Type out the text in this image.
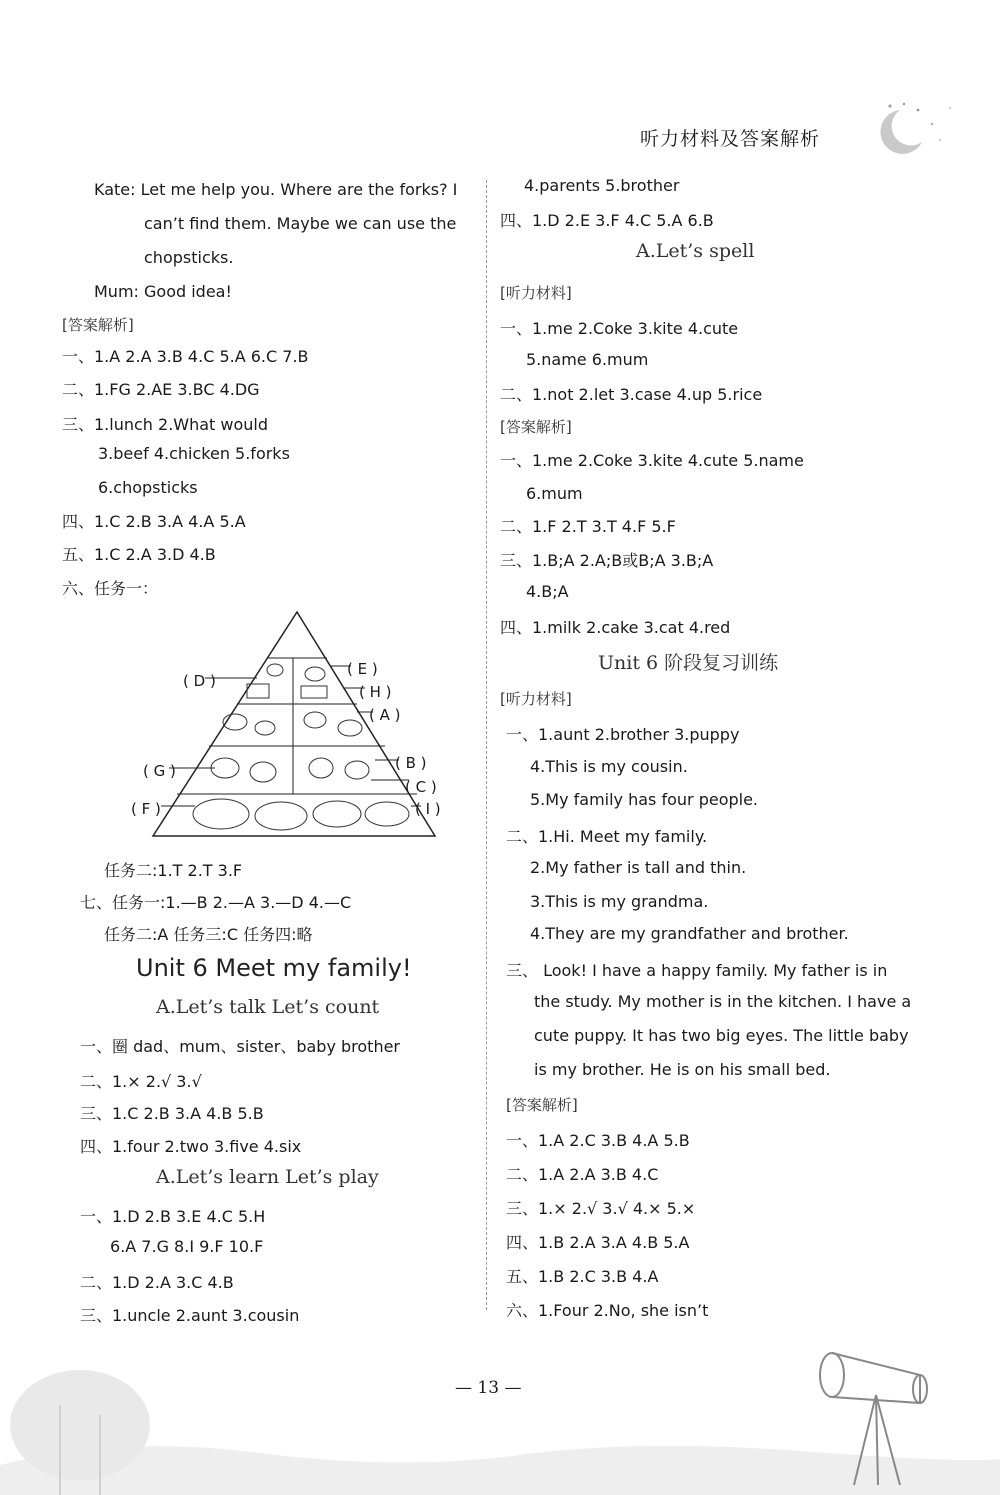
听力材料及答案解析
Kate: Let me help you. Where are the forks? I
can’t find them. Maybe we can use the
chopsticks.
Mum: Good idea!
[答案解析]
一、1.A 2.A 3.B 4.C 5.A 6.C 7.B
二、1.FG 2.AE 3.BC 4.DG
三、1.lunch 2.What would
3.beef 4.chicken 5.forks
6.chopsticks
四、1.C 2.B 3.A 4.A 5.A
五、1.C 2.A 3.D 4.B
六、任务一：
任务二:1.T 2.T 3.F
七、任务一:1.—B 2.—A 3.—D 4.—C
任务二:A 任务三:C 任务四:略
Unit 6 Meet my family!
A.Let’s talk Let’s count
一、圈 dad、mum、sister、baby brother
二、1.× 2.√ 3.√
三、1.C 2.B 3.A 4.B 5.B
四、1.four 2.two 3.five 4.six
A.Let’s learn Let’s play
一、1.D 2.B 3.E 4.C 5.H
6.A 7.G 8.I 9.F 10.F
二、1.D 2.A 3.C 4.B
三、1.uncle 2.aunt 3.cousin
4.parents 5.brother
四、1.D 2.E 3.F 4.C 5.A 6.B
A.Let’s spell
[听力材料]
一、1.me 2.Coke 3.kite 4.cute
5.name 6.mum
二、1.not 2.let 3.case 4.up 5.rice
[答案解析]
一、1.me 2.Coke 3.kite 4.cute 5.name
6.mum
二、1.F 2.T 3.T 4.F 5.F
三、1.B;A 2.A;B或B;A 3.B;A
4.B;A
四、1.milk 2.cake 3.cat 4.red
Unit 6 阶段复习训练
[听力材料]
一、1.aunt 2.brother 3.puppy
4.This is my cousin.
5.My family has four people.
二、1.Hi. Meet my family.
2.My father is tall and thin.
3.This is my grandma.
4.They are my grandfather and brother.
三、 Look! I have a happy family. My father is in
the study. My mother is in the kitchen. I have a
cute puppy. It has two big eyes. The little baby
is my brother. He is on his small bed.
[答案解析]
一、1.A 2.C 3.B 4.A 5.B
二、1.A 2.A 3.B 4.C
三、1.× 2.√ 3.√ 4.× 5.×
四、1.B 2.A 3.A 4.B 5.A
五、1.B 2.C 3.B 4.A
六、1.Four 2.No, she isn’t
( D )
( E )
( H )
( A )
( G )	( B )
( C )
( F )	( I )
— 13 —
